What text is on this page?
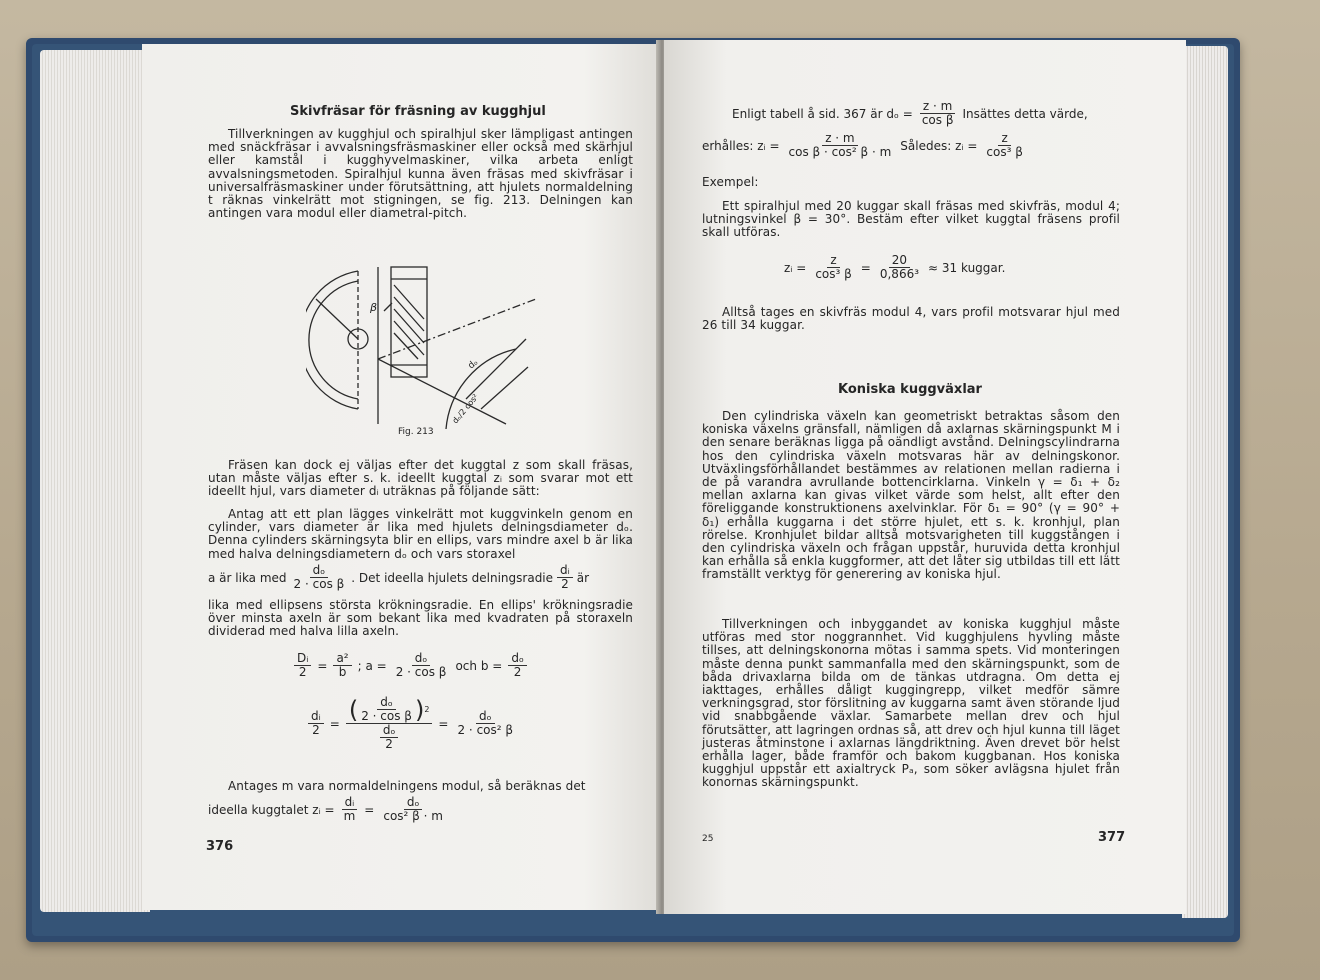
Skivfräsar för fräsning av kugghjul

Tillverkningen av kugghjul och spiralhjul sker lämpligast antingen med snäckfräsar i avvalsningsfräsmaskiner eller också med skärhjul eller kamstål i kugghyvelmaskiner, vilka arbeta enligt avvalsningsmetoden. Spiralhjul kunna även fräsas med skivfräsar i universalfräsmaskiner under förutsättning, att hjulets normaldelning t räknas vinkelrätt mot stigningen, se fig. 213. Delningen kan antingen vara modul eller diametral-pitch.

β
dₒ
dₒ/2 cos²
Fig. 213

Fräsen kan dock ej väljas efter det kuggtal z som skall fräsas, utan måste väljas efter s. k. ideellt kuggtal zᵢ som svarar mot ett ideellt hjul, vars diameter dᵢ uträknas på följande sätt:

Antag att ett plan lägges vinkelrätt mot kuggvinkeln genom en cylinder, vars diameter är lika med hjulets delningsdiameter dₒ. Denna cylinders skärningsyta blir en ellips, vars mindre axel b är lika med halva delningsdiametern dₒ och vars storaxel

a är lika med $\frac{\text{dₒ}}{\text{2 · cos β}}$ . Det ideella hjulets delningsradie $\frac{\text{dᵢ}}{2}$ är

lika med ellipsens största krökningsradie. En ellips' krökningsradie över minsta axeln är som bekant lika med kvadraten på storaxeln dividerad med halva lilla axeln.

$\frac{\text{Dᵢ}}{2} = \frac{\text{a²}}{b}$ ; $a = \frac{\text{dₒ}}{\text{2 · cos β}}$ och $b = \frac{\text{dₒ}}{2}$
$\frac{\text{dᵢ}}{2} = \frac{( \frac{\text{dₒ}}{\text{2 · cos β}} ) 2}{\frac{\text{dₒ}}{2}} = \frac{\text{dₒ}}{\text{2 · cos² β}}$

Antages m vara normaldelningens modul, så beräknas det

ideella kuggtalet zᵢ = $\frac{\text{dᵢ}}{m} = \frac{\text{dₒ}}{\text{cos² β · m}}$
376
Enligt tabell å sid. 367 är $d_o = \frac{z \cdot m}{\text{cos β}}$ Insättes detta värde,
erhålles: zᵢ = $\frac{z \cdot m}{\text{cos β · cos² β · m}}$ Således: zᵢ = $\frac{z}{\text{cos³ β}}$
Exempel:

Ett spiralhjul med 20 kuggar skall fräsas med skivfräs, modul 4; lutningsvinkel β = 30°. Bestäm efter vilket kuggtal fräsens profil skall utföras.

zᵢ = $\frac{z}{\text{cos³ β}} = \frac{20}{\text{0,866³}} \approx 31$ kuggar.

Alltså tages en skivfräs modul 4, vars profil motsvarar hjul med 26 till 34 kuggar.

Koniska kuggväxlar

Den cylindriska växeln kan geometriskt betraktas såsom den koniska växelns gränsfall, nämligen då axlarnas skärningspunkt M i den senare beräknas ligga på oändligt avstånd. Delningscylindrarna hos den cylindriska växeln motsvaras här av delningskonor. Utväxlingsförhållandet bestämmes av relationen mellan radierna i de på varandra avrullande bottencirklarna. Vinkeln γ = δ₁ + δ₂ mellan axlarna kan givas vilket värde som helst, allt efter den föreliggande konstruktionens axelvinklar. För δ₁ = 90° (γ = 90° + δ₁) erhålla kuggarna i det större hjulet, ett s. k. kronhjul, plan rörelse. Kronhjulet bildar alltså motsvarigheten till kuggstången i den cylindriska växeln och frågan uppstår, huruvida detta kronhjul kan erhålla så enkla kuggformer, att det låter sig utbildas till ett lätt framställt verktyg för generering av koniska hjul.

Tillverkningen och inbyggandet av koniska kugghjul måste utföras med stor noggrannhet. Vid kugghjulens hyvling måste tillses, att delningskonorna mötas i samma spets. Vid monteringen måste denna punkt sammanfalla med den skärningspunkt, som de båda drivaxlarna bilda om de tänkas utdragna. Om detta ej iakttages, erhålles dåligt kuggingrepp, vilket medför sämre verkningsgrad, stor förslitning av kuggarna samt även störande ljud vid snabbgående växlar. Samarbete mellan drev och hjul förutsätter, att lagringen ordnas så, att drev och hjul kunna till läget justeras åtminstone i axlarnas längdriktning. Även drevet bör helst erhålla lager, både framför och bakom kuggbanan. Hos koniska kugghjul uppstår ett axialtryck Pₐ, som söker avlägsna hjulet från konornas skärningspunkt.

25	377
